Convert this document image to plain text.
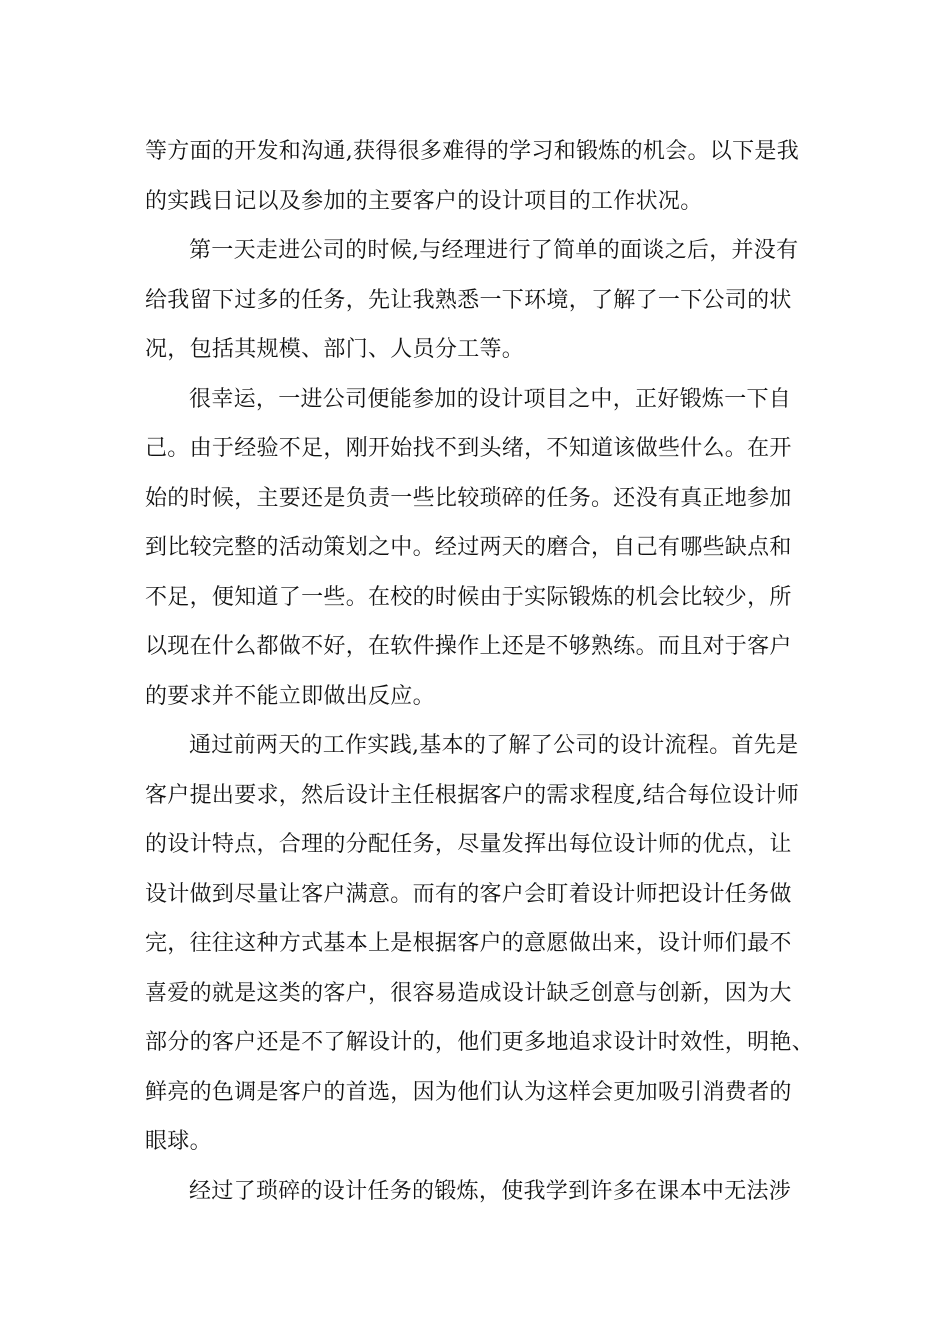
等方面的开发和沟通,获得很多难得的学习和锻炼的机会。以下是我
的实践日记以及参加的主要客户的设计项目的工作状况。
第一天走进公司的时候,与经理进行了简单的面谈之后，并没有
给我留下过多的任务，先让我熟悉一下环境，了解了一下公司的状
况，包括其规模、部门、人员分工等。
很幸运，一进公司便能参加的设计项目之中，正好锻炼一下自
己。由于经验不足，刚开始找不到头绪，不知道该做些什么。在开
始的时候，主要还是负责一些比较琐碎的任务。还没有真正地参加
到比较完整的活动策划之中。经过两天的磨合，自己有哪些缺点和
不足，便知道了一些。在校的时候由于实际锻炼的机会比较少，所
以现在什么都做不好，在软件操作上还是不够熟练。而且对于客户
的要求并不能立即做出反应。
通过前两天的工作实践,基本的了解了公司的设计流程。首先是
客户提出要求，然后设计主任根据客户的需求程度,结合每位设计师
的设计特点，合理的分配任务，尽量发挥出每位设计师的优点，让
设计做到尽量让客户满意。而有的客户会盯着设计师把设计任务做
完，往往这种方式基本上是根据客户的意愿做出来，设计师们最不
喜爱的就是这类的客户，很容易造成设计缺乏创意与创新，因为大
部分的客户还是不了解设计的，他们更多地追求设计时效性，明艳、
鲜亮的色调是客户的首选，因为他们认为这样会更加吸引消费者的
眼球。
经过了琐碎的设计任务的锻炼，使我学到许多在课本中无法涉
